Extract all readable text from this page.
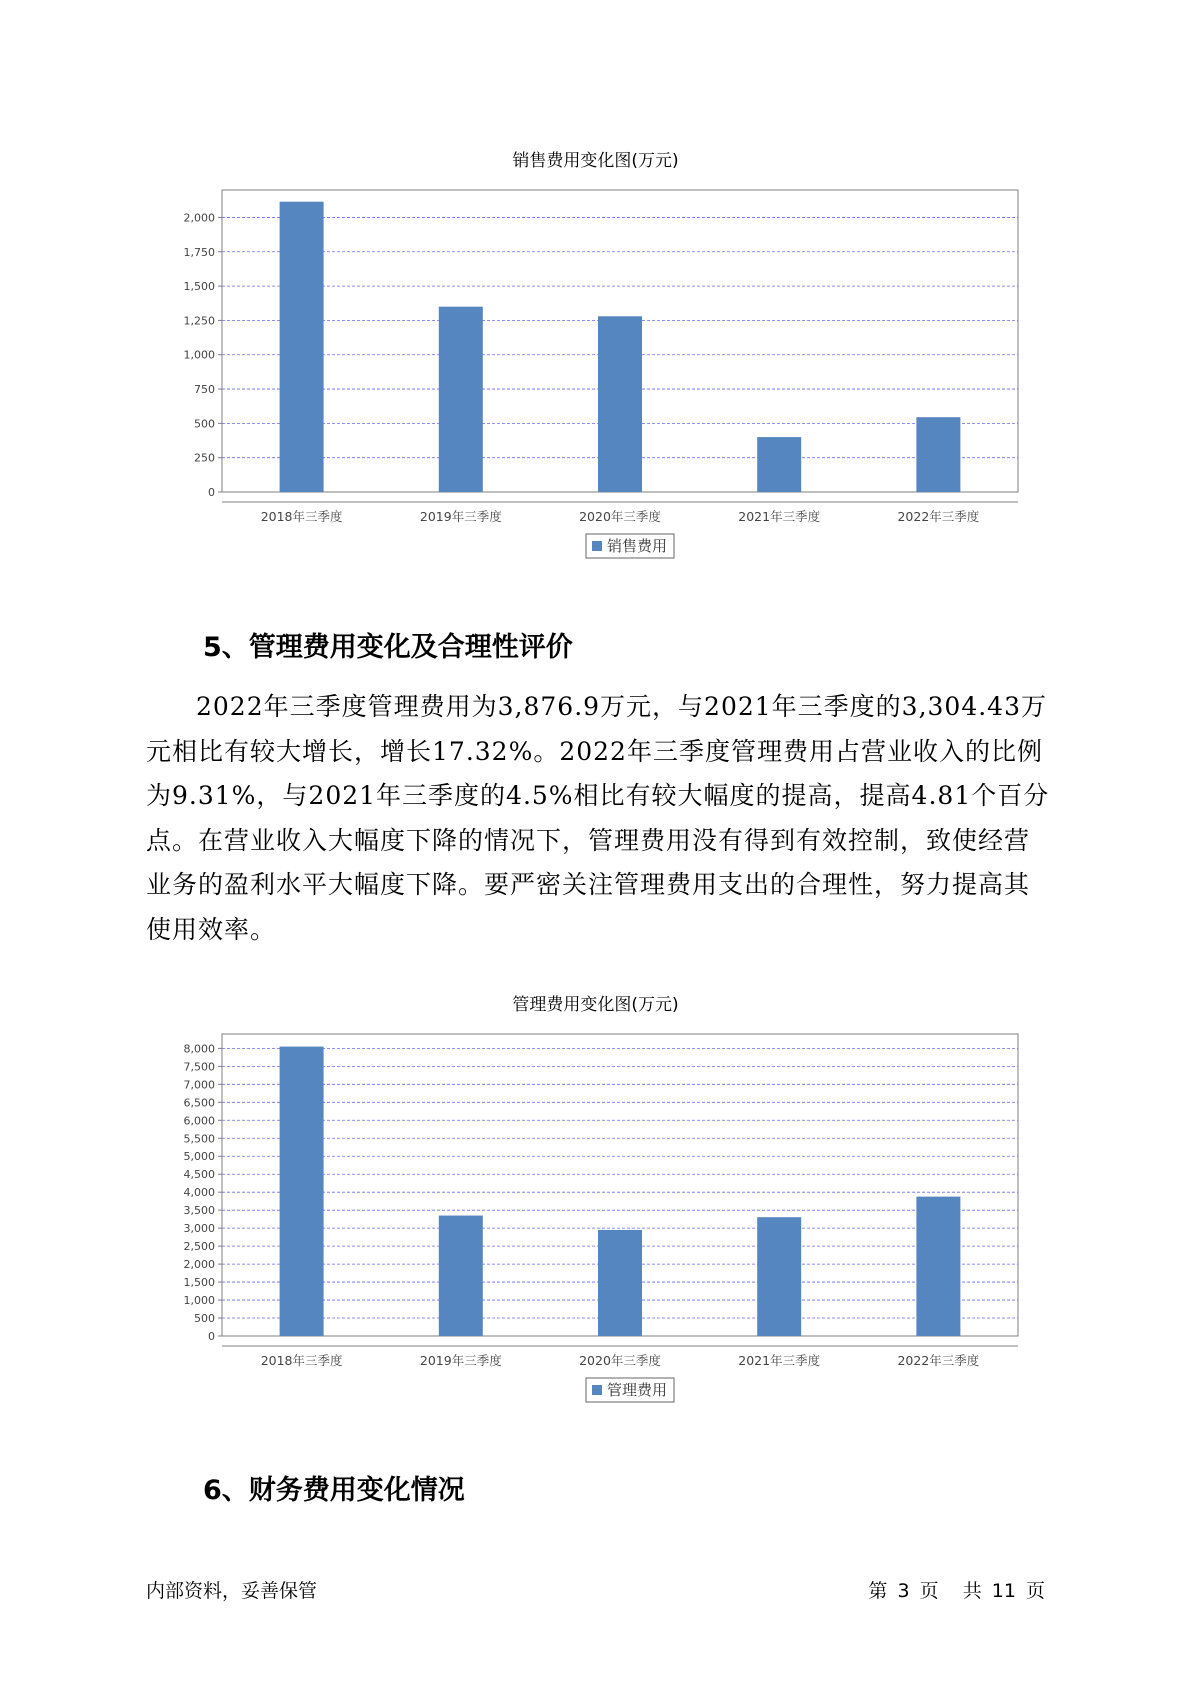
销售费用变化图(万元)
0
250
500
750
1,000
1,250
1,500
1,750
2,000
2018年三季度	2019年三季度	2020年三季度	2021年三季度	2022年三季度
销售费用
5、管理费用变化及合理性评价
2022年三季度管理费用为3,876.9万元，与2021年三季度的3,304.43万元相比有较大增长，增长17.32%。2022年三季度管理费用占营业收入的比例为9.31%，与2021年三季度的4.5%相比有较大幅度的提高，提高4.81个百分点。在营业收入大幅度下降的情况下，管理费用没有得到有效控制，致使经营业务的盈利水平大幅度下降。要严密关注管理费用支出的合理性，努力提高其使用效率。
管理费用变化图(万元)
0
500
1,000
1,500
2,000
2,500
3,000
3,500
4,000
4,500
5,000
5,500
6,000
6,500
7,000
7,500
8,000
2018年三季度	2019年三季度	2020年三季度	2021年三季度	2022年三季度
管理费用
6、财务费用变化情况
内部资料，妥善保管	第 3 页 共 11 页
